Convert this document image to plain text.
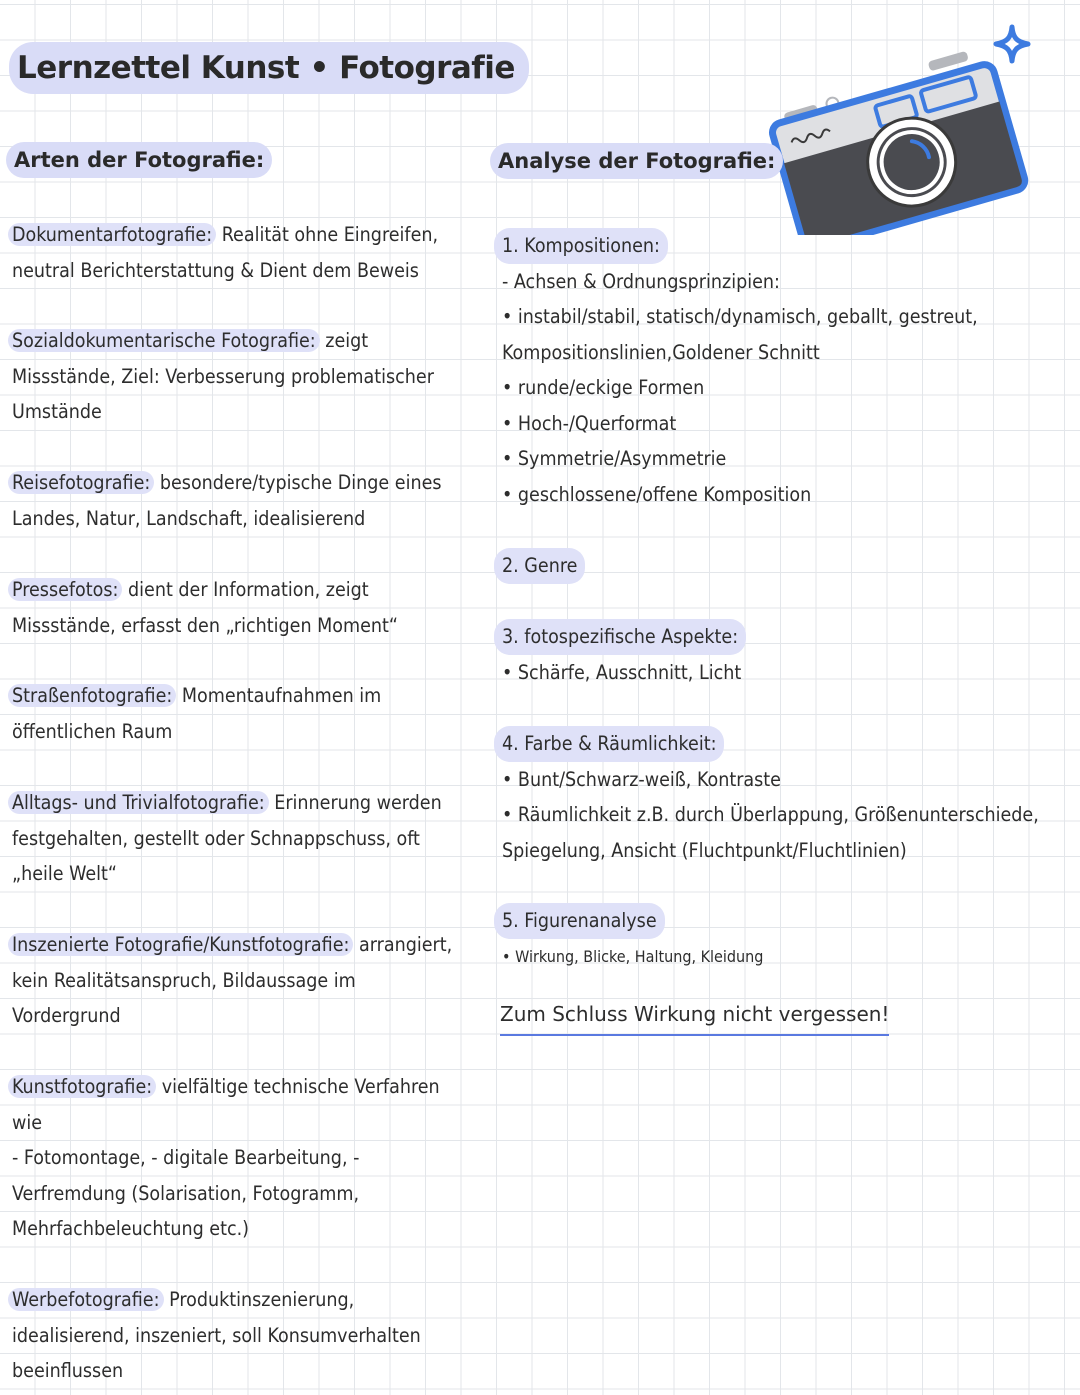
Lernzettel Kunst • Fotografie
Arten der Fotografie:

Dokumentarfotografie: Realität ohne Eingreifen,

neutral Berichterstattung & Dient dem Beweis

Sozialdokumentarische Fotografie: zeigt

Missstände, Ziel: Verbesserung problematischer

Umstände

Reisefotografie: besondere/typische Dinge eines

Landes, Natur, Landschaft, idealisierend

Pressefotos: dient der Information, zeigt

Missstände, erfasst den „richtigen Moment“

Straßenfotografie: Momentaufnahmen im

öffentlichen Raum

Alltags- und Trivialfotografie: Erinnerung werden

festgehalten, gestellt oder Schnappschuss, oft

„heile Welt“

Inszenierte Fotografie/Kunstfotografie: arrangiert,

kein Realitätsanspruch, Bildaussage im

Vordergrund

Kunstfotografie: vielfältige technische Verfahren

wie

- Fotomontage, - digitale Bearbeitung, -

Verfremdung (Solarisation, Fotogramm,

Mehrfachbeleuchtung etc.)

Werbefotografie: Produktinszenierung,

idealisierend, inszeniert, soll Konsumverhalten

beeinflussen

Analyse der Fotografie:

1. Kompositionen:

- Achsen & Ordnungsprinzipien:

• instabil/stabil, statisch/dynamisch, geballt, gestreut,

Kompositionslinien,Goldener Schnitt

• runde/eckige Formen

• Hoch-/Querformat

• Symmetrie/Asymmetrie

• geschlossene/offene Komposition

2. Genre

3. fotospezifische Aspekte:

• Schärfe, Ausschnitt, Licht

4. Farbe & Räumlichkeit:

• Bunt/Schwarz-weiß, Kontraste

• Räumlichkeit z.B. durch Überlappung, Größenunterschiede,

Spiegelung, Ansicht (Fluchtpunkt/Fluchtlinien)

5. Figurenanalyse

• Wirkung, Blicke, Haltung, Kleidung

Zum Schluss Wirkung nicht vergessen!
